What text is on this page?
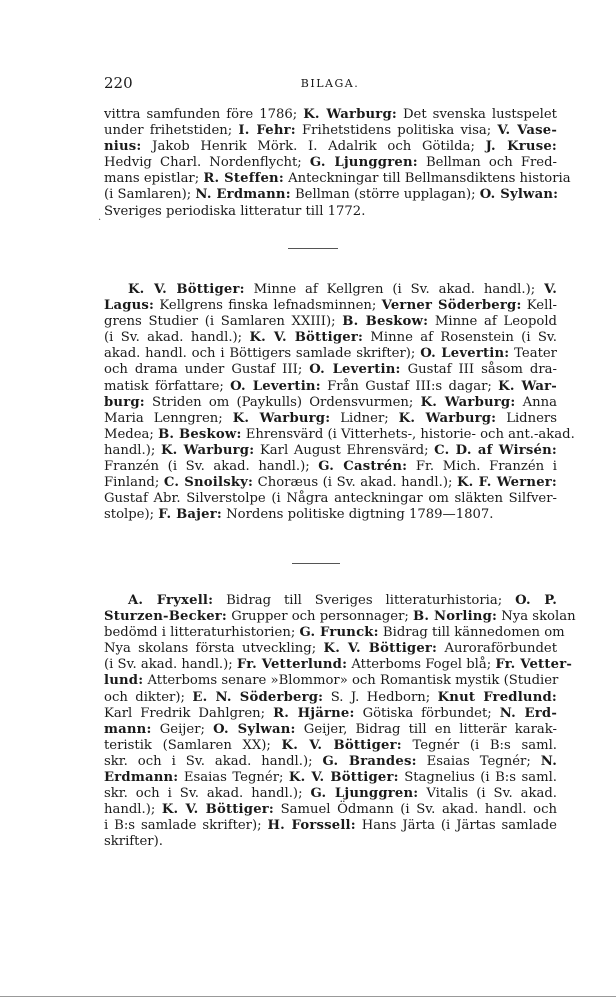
220	BILAGA.
.
vittra samfunden före 1786; K. Warburg: Det svenska lustspelet
under frihetstiden; I. Fehr: Frihetstidens politiska visa; V. Vase-
nius: Jakob Henrik Mörk. I. Adalrik och Götilda; J. Kruse:
Hedvig Charl. Nordenflycht; G. Ljunggren: Bellman och Fred-
mans epistlar; R. Steffen: Anteckningar till Bellmansdiktens historia
(i Samlaren); N. Erdmann: Bellman (större upplagan); O. Sylwan:
Sveriges periodiska litteratur till 1772.
K. V. Böttiger: Minne af Kellgren (i Sv. akad. handl.); V.
Lagus: Kellgrens finska lefnadsminnen; Verner Söderberg: Kell-
grens Studier (i Samlaren XXIII); B. Beskow: Minne af Leopold
(i Sv. akad. handl.); K. V. Böttiger: Minne af Rosenstein (i Sv.
akad. handl. och i Böttigers samlade skrifter); O. Levertin: Teater
och drama under Gustaf III; O. Levertin: Gustaf III såsom dra-
matisk författare; O. Levertin: Från Gustaf III:s dagar; K. War-
burg: Striden om (Paykulls) Ordensvurmen; K. Warburg: Anna
Maria Lenngren; K. Warburg: Lidner; K. Warburg: Lidners
Medea; B. Beskow: Ehrensvärd (i Vitterhets-, historie- och ant.-akad.
handl.); K. Warburg: Karl August Ehrensvärd; C. D. af Wirsén:
Franzén (i Sv. akad. handl.); G. Castrén: Fr. Mich. Franzén i
Finland; C. Snoilsky: Choræus (i Sv. akad. handl.); K. F. Werner:
Gustaf Abr. Silverstolpe (i Några anteckningar om släkten Silfver-
stolpe); F. Bajer: Nordens politiske digtning 1789—1807.
A. Fryxell: Bidrag till Sveriges litteraturhistoria; O. P.
Sturzen-Becker: Grupper och personnager; B. Norling: Nya skolan
bedömd i litteraturhistorien; G. Frunck: Bidrag till kännedomen om
Nya skolans första utveckling; K. V. Böttiger: Auroraförbundet
(i Sv. akad. handl.); Fr. Vetterlund: Atterboms Fogel blå; Fr. Vetter-
lund: Atterboms senare »Blommor» och Romantisk mystik (Studier
och dikter); E. N. Söderberg: S. J. Hedborn; Knut Fredlund:
Karl Fredrik Dahlgren; R. Hjärne: Götiska förbundet; N. Erd-
mann: Geijer; O. Sylwan: Geijer, Bidrag till en litterär karak-
teristik (Samlaren XX); K. V. Böttiger: Tegnér (i B:s saml.
skr. och i Sv. akad. handl.); G. Brandes: Esaias Tegnér; N.
Erdmann: Esaias Tegnér; K. V. Böttiger: Stagnelius (i B:s saml.
skr. och i Sv. akad. handl.); G. Ljunggren: Vitalis (i Sv. akad.
handl.); K. V. Böttiger: Samuel Ödmann (i Sv. akad. handl. och
i B:s samlade skrifter); H. Forssell: Hans Järta (i Järtas samlade
skrifter).
